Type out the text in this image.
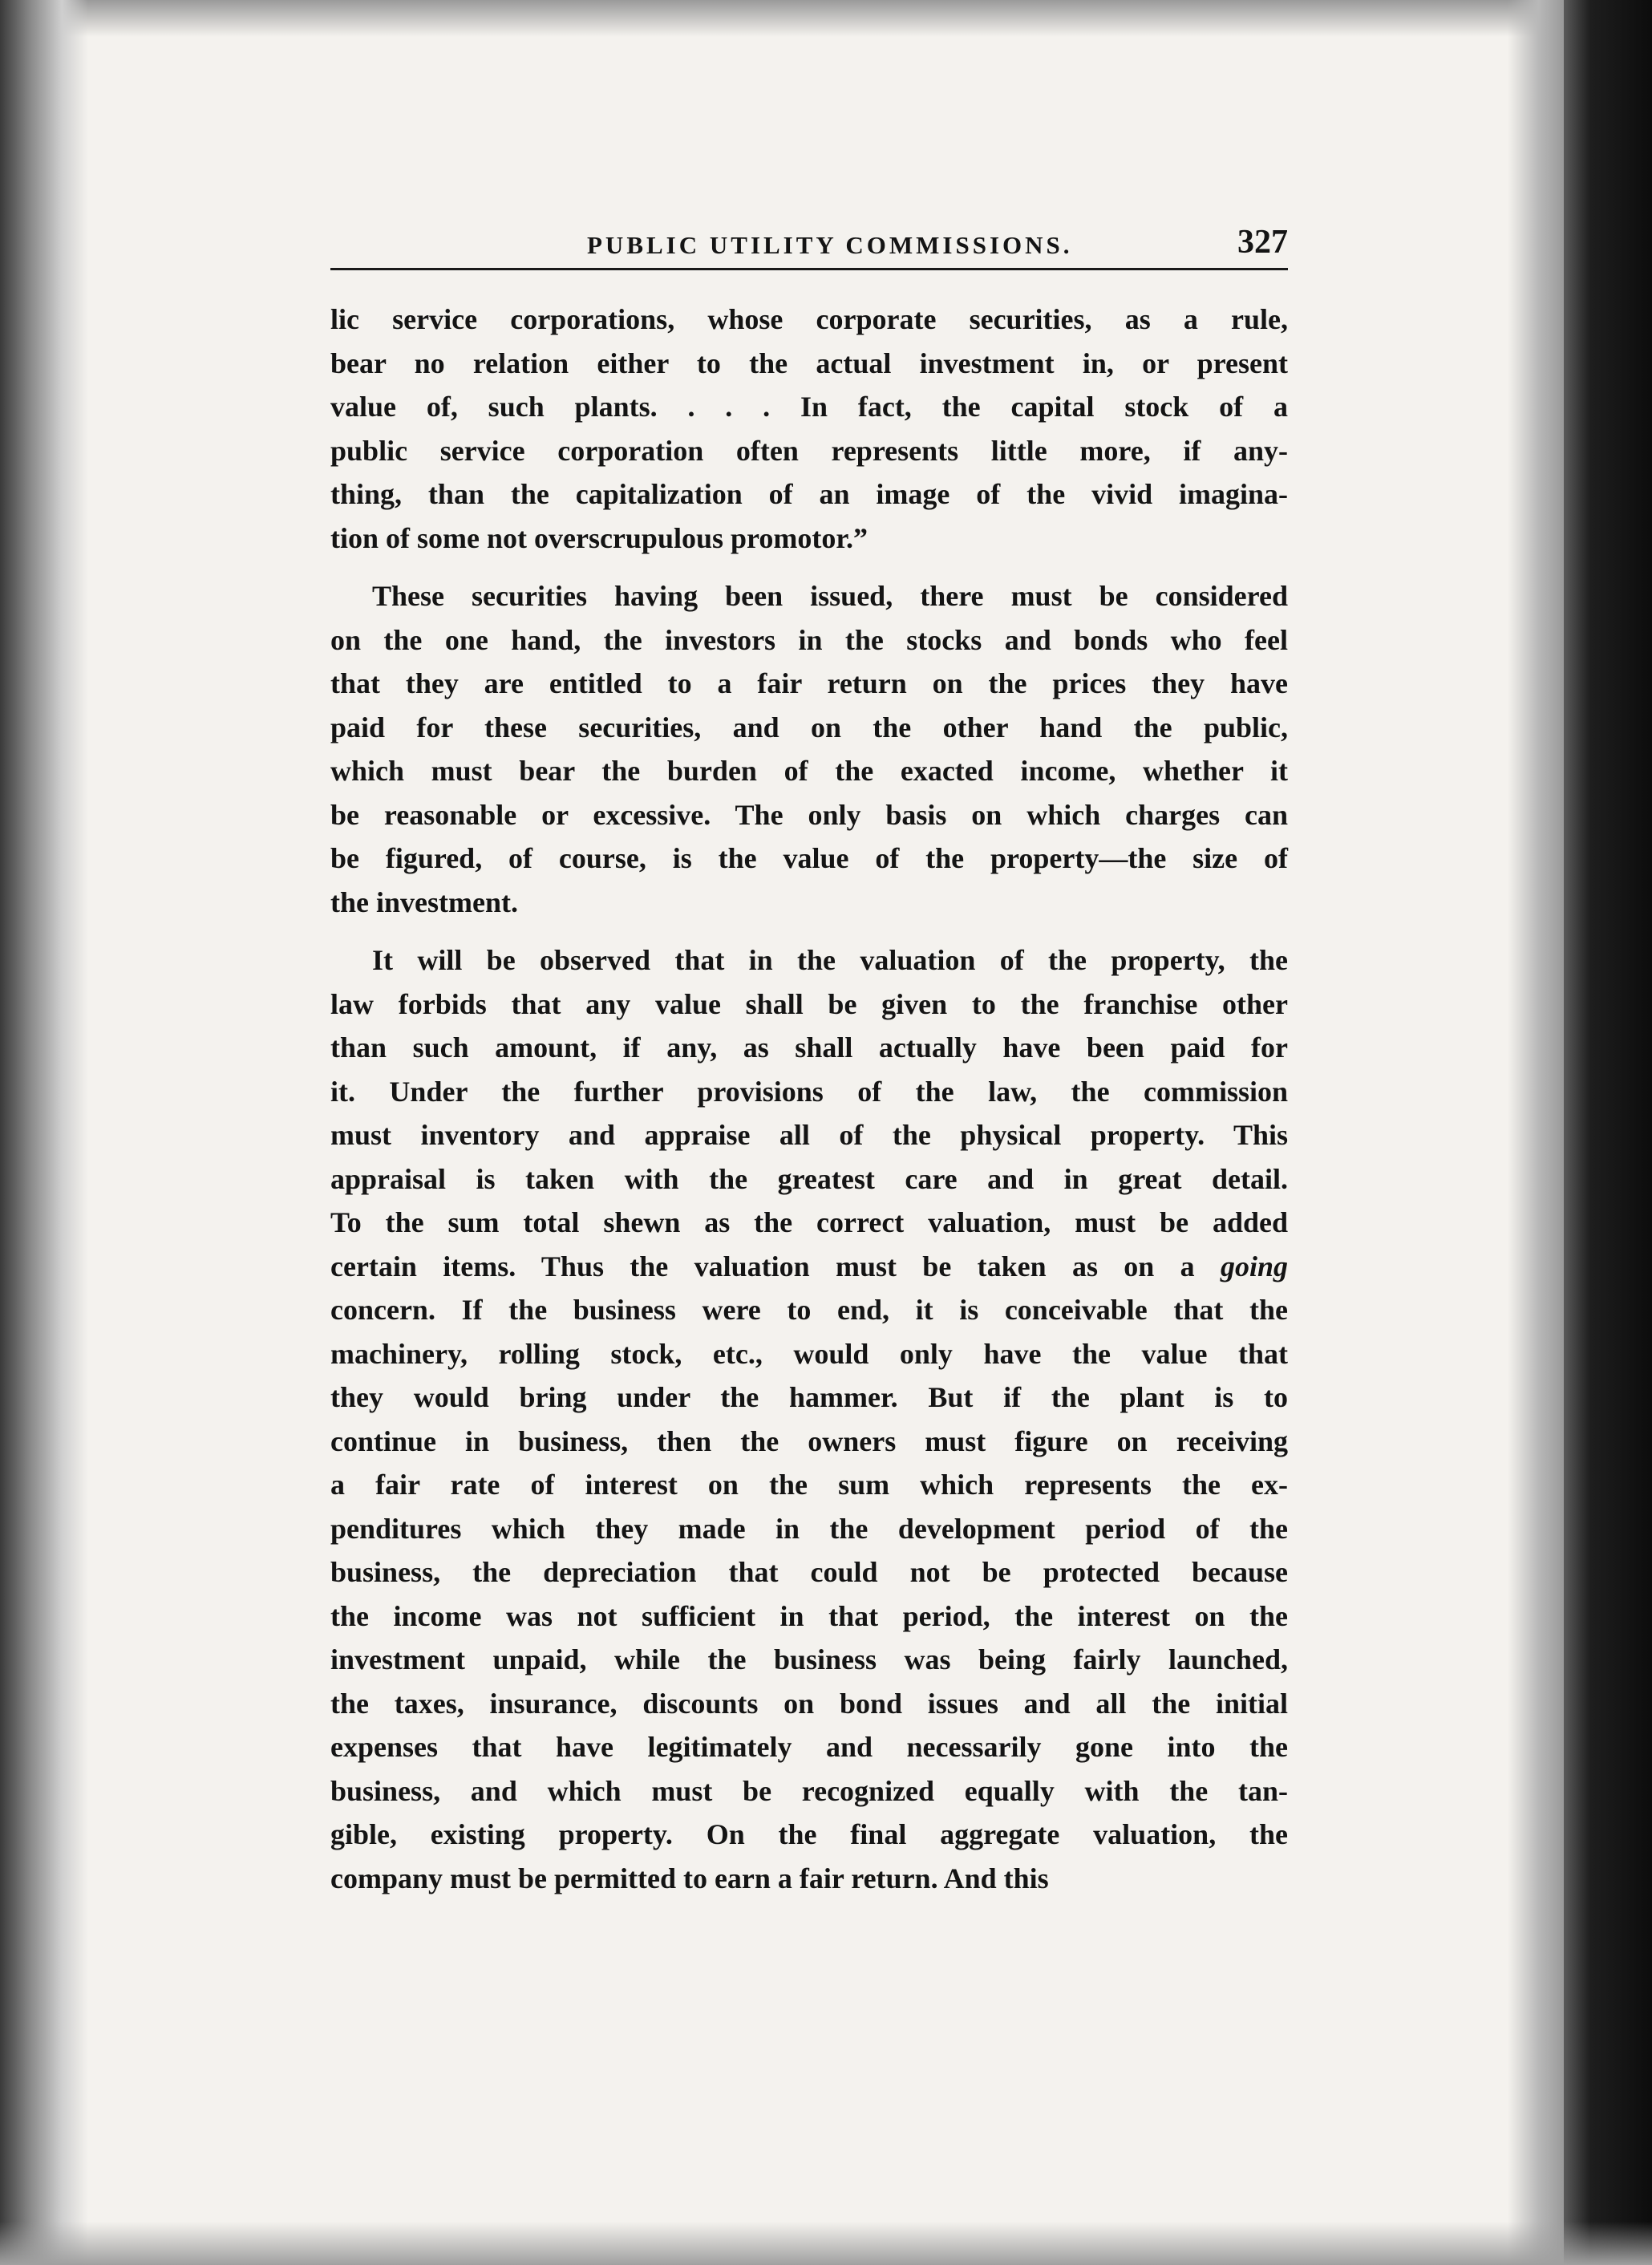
PUBLIC UTILITY COMMISSIONS.	327

lic service corporations, whose corporate securities, as a rule,
bear no relation either to the actual investment in, or present
value of, such plants. . . . In fact, the capital stock of a
public service corporation often represents little more, if any-
thing, than the capitalization of an image of the vivid imagina-
tion of some not overscrupulous promotor.”

These securities having been issued, there must be considered
on the one hand, the investors in the stocks and bonds who feel
that they are entitled to a fair return on the prices they have
paid for these securities, and on the other hand the public,
which must bear the burden of the exacted income, whether it
be reasonable or excessive. The only basis on which charges can
be figured, of course, is the value of the property—the size of
the investment.

It will be observed that in the valuation of the property, the
law forbids that any value shall be given to the franchise other
than such amount, if any, as shall actually have been paid for
it. Under the further provisions of the law, the commission
must inventory and appraise all of the physical property. This
appraisal is taken with the greatest care and in great detail.
To the sum total shewn as the correct valuation, must be added
certain items. Thus the valuation must be taken as on a going
concern. If the business were to end, it is conceivable that the
machinery, rolling stock, etc., would only have the value that
they would bring under the hammer. But if the plant is to
continue in business, then the owners must figure on receiving
a fair rate of interest on the sum which represents the ex-
penditures which they made in the development period of the
business, the depreciation that could not be protected because
the income was not sufficient in that period, the interest on the
investment unpaid, while the business was being fairly launched,
the taxes, insurance, discounts on bond issues and all the initial
expenses that have legitimately and necessarily gone into the
business, and which must be recognized equally with the tan-
gible, existing property. On the final aggregate valuation, the
company must be permitted to earn a fair return. And this
